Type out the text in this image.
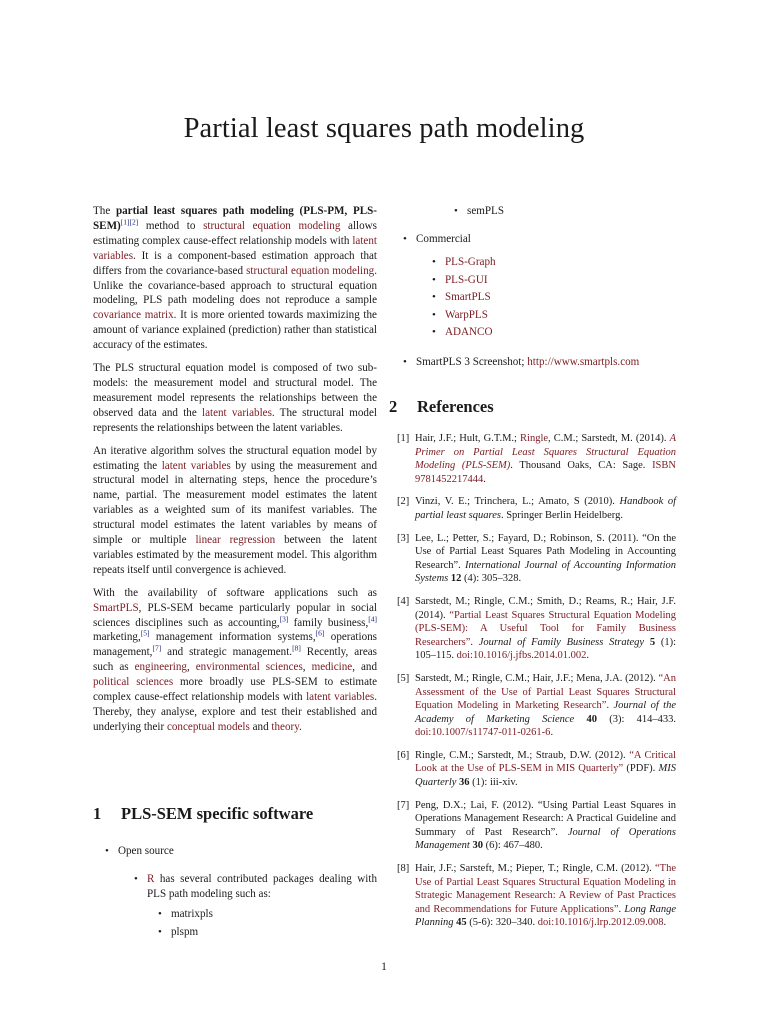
Partial least squares path modeling

The partial least squares path modeling (PLS-PM, PLS-SEM)[1][2] method to structural equation modeling allows estimating complex cause-effect relationship models with latent variables. It is a component-based estimation approach that differs from the covariance-based structural equation modeling. Unlike the covariance-based approach to structural equation modeling, PLS path modeling does not reproduce a sample covariance matrix. It is more oriented towards maximizing the amount of variance explained (prediction) rather than statistical accuracy of the estimates.

The PLS structural equation model is composed of two sub-models: the measurement model and structural model. The measurement model represents the relationships between the observed data and the latent variables. The structural model represents the relationships between the latent variables.

An iterative algorithm solves the structural equation model by estimating the latent variables by using the measurement and structural model in alternating steps, hence the procedure’s name, partial. The measurement model estimates the latent variables as a weighted sum of its manifest variables. The structural model estimates the latent variables by means of simple or multiple linear regression between the latent variables estimated by the measurement model. This algorithm repeats itself until convergence is achieved.

With the availability of software applications such as SmartPLS, PLS-SEM became particularly popular in social sciences disciplines such as accounting,[3] family business,[4] marketing,[5] management information systems,[6] operations management,[7] and strategic management.[8] Recently, areas such as engineering, environmental sciences, medicine, and political sciences more broadly use PLS-SEM to estimate complex cause-effect relationship models with latent variables. Thereby, they analyse, explore and test their established and underlying their conceptual models and theory.

1 PLS-SEM specific software
• Open source
• R has several contributed packages dealing with PLS path modeling such as:
• matrixpls
• plspm
• semPLS
• Commercial
• PLS-Graph
• PLS-GUI
• SmartPLS
• WarpPLS
• ADANCO
• SmartPLS 3 Screenshot; http://www.smartpls.com
2 References
[1] Hair, J.F.; Hult, G.T.M.; Ringle, C.M.; Sarstedt, M. (2014). A Primer on Partial Least Squares Structural Equation Modeling (PLS-SEM). Thousand Oaks, CA: Sage. ISBN 9781452217444.
[2] Vinzi, V. E.; Trinchera, L.; Amato, S (2010). Handbook of partial least squares. Springer Berlin Heidelberg.
[3] Lee, L.; Petter, S.; Fayard, D.; Robinson, S. (2011). “On the Use of Partial Least Squares Path Modeling in Accounting Research”. International Journal of Accounting Information Systems 12 (4): 305–328.
[4] Sarstedt, M.; Ringle, C.M.; Smith, D.; Reams, R.; Hair, J.F. (2014). “Partial Least Squares Structural Equation Modeling (PLS-SEM): A Useful Tool for Family Business Researchers”. Journal of Family Business Strategy 5 (1): 105–115. doi:10.1016/j.jfbs.2014.01.002.
[5] Sarstedt, M.; Ringle, C.M.; Hair, J.F.; Mena, J.A. (2012). “An Assessment of the Use of Partial Least Squares Structural Equation Modeling in Marketing Research”. Journal of the Academy of Marketing Science 40 (3): 414–433. doi:10.1007/s11747-011-0261-6.
[6] Ringle, C.M.; Sarstedt, M.; Straub, D.W. (2012). “A Critical Look at the Use of PLS-SEM in MIS Quarterly” (PDF). MIS Quarterly 36 (1): iii-xiv.
[7] Peng, D.X.; Lai, F. (2012). “Using Partial Least Squares in Operations Management Research: A Practical Guideline and Summary of Past Research”. Journal of Operations Management 30 (6): 467–480.
[8] Hair, J.F.; Sarsteft, M.; Pieper, T.; Ringle, C.M. (2012). “The Use of Partial Least Squares Structural Equation Modeling in Strategic Management Research: A Review of Past Practices and Recommendations for Future Applications”. Long Range Planning 45 (5-6): 320–340. doi:10.1016/j.lrp.2012.09.008.
1
